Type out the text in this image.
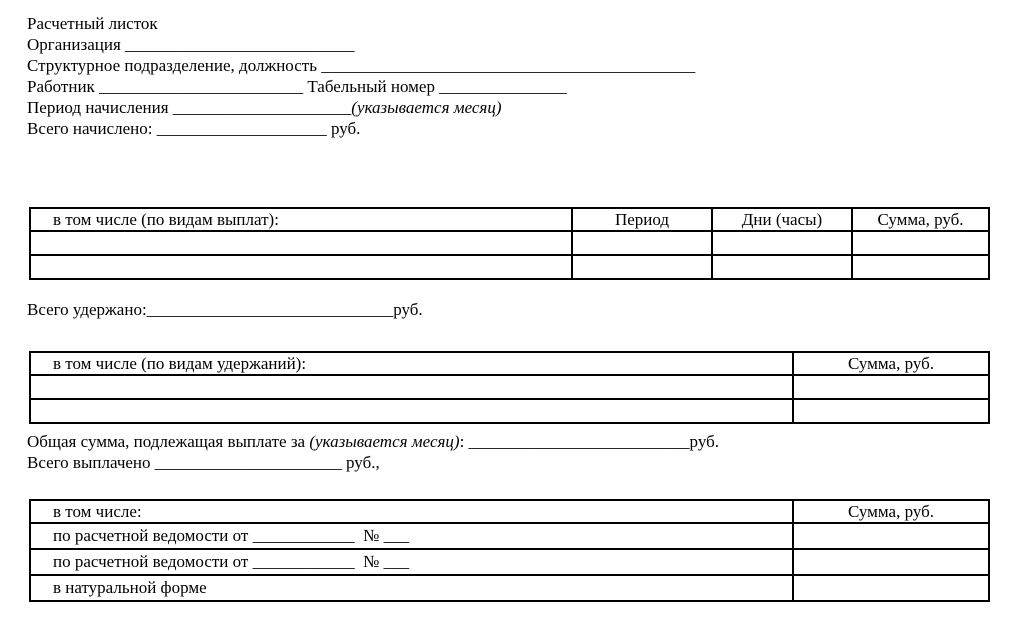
Расчетный листок
Организация ___________________________
Структурное подразделение, должность ____________________________________________
Работник ________________________ Табельный номер _______________
Период начисления _____________________(указывается месяц)
Всего начислено: ____________________ руб.
в том числе (по видам выплат):	Период	Дни (часы)	Сумма, руб.

Всего удержано:_____________________________руб.
в том числе (по видам удержаний):	Сумма, руб.

Общая сумма, подлежащая выплате за (указывается месяц): __________________________руб.
Всего выплачено ______________________ руб.,
в том числе:	Сумма, руб.
по расчетной ведомости от ____________  № ___	
по расчетной ведомости от ____________  № ___	
в натуральной форме	
